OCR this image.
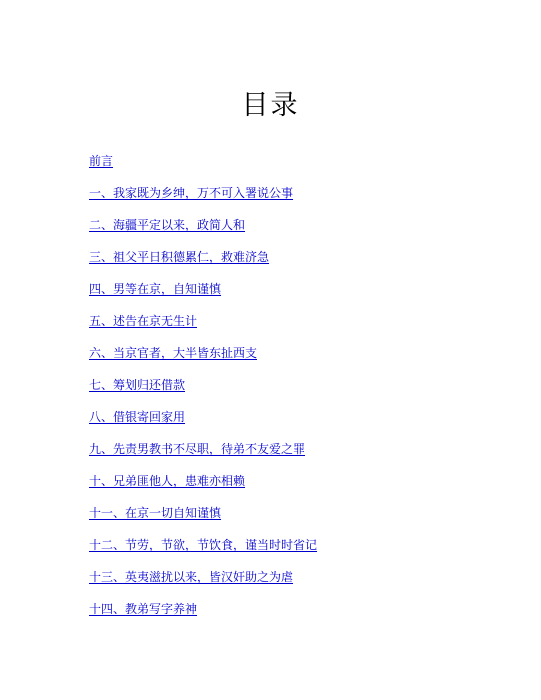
目录
前言
一、我家既为乡绅，万不可入署说公事
二、海疆平定以来，政简人和
三、祖父平日积德累仁，救难济急
四、男等在京，自知谨慎
五、述告在京无生计
六、当京官者，大半皆东扯西支
七、筹划归还借款
八、借银寄回家用
九、先责男教书不尽职，待弟不友爱之罪
十、兄弟匪他人，患难亦相赖
十一、在京一切自知谨慎
十二、节劳，节欲，节饮食，谨当时时省记
十三、英夷滋扰以来，皆汉奸助之为虐
十四、教弟写字养神
